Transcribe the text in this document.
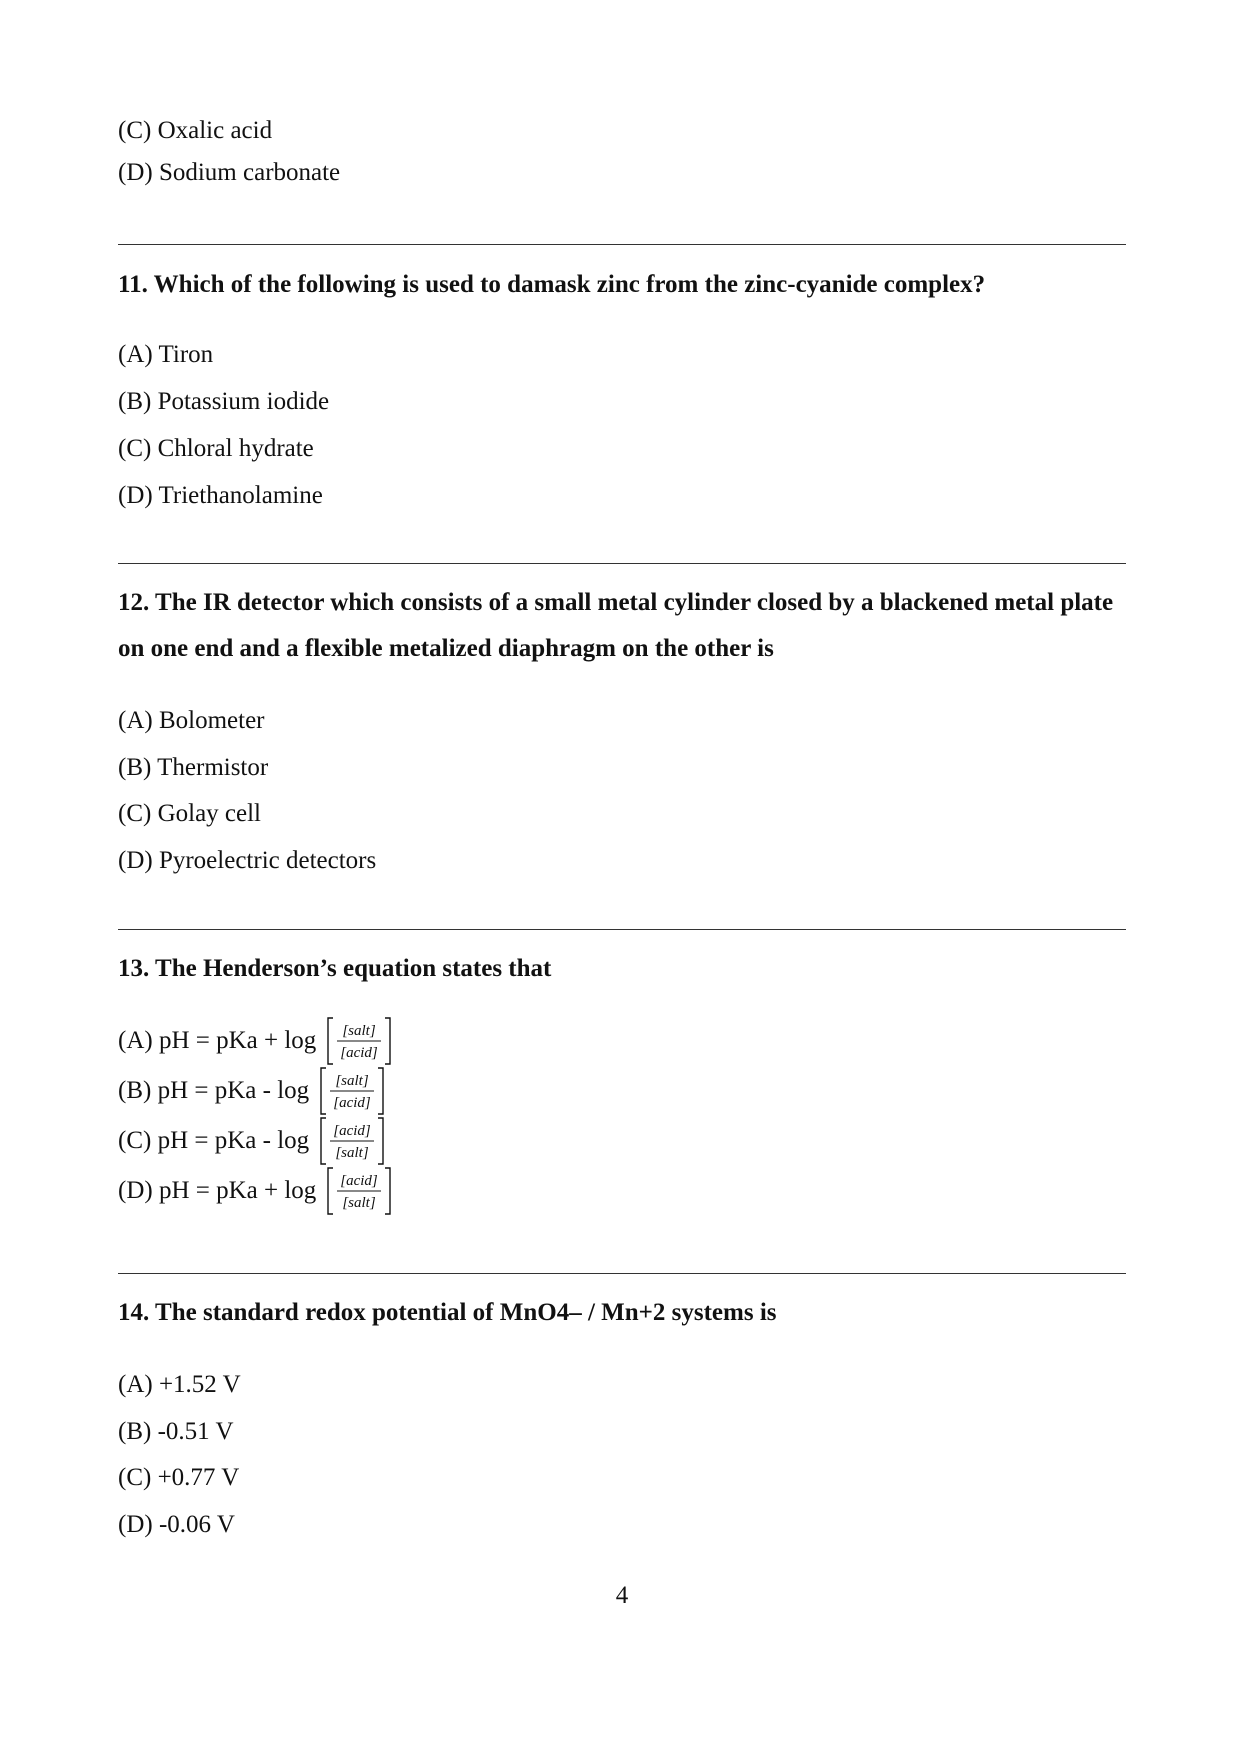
(C) Oxalic acid
(D) Sodium carbonate
11. Which of the following is used to damask zinc from the zinc-cyanide complex?
(A) Tiron
(B) Potassium iodide
(C) Chloral hydrate
(D) Triethanolamine
12. The IR detector which consists of a small metal cylinder closed by a blackened metal plate on one end and a flexible metalized diaphragm on the other is
(A) Bolometer
(B) Thermistor
(C) Golay cell
(D) Pyroelectric detectors
13. The Henderson’s equation states that
(A) pH = pKa + log [salt]
[acid]
(B) pH = pKa - log [salt]
[acid]
(C) pH = pKa - log [acid]
[salt]
(D) pH = pKa + log [acid]
[salt]
14. The standard redox potential of MnO4– / Mn+2 systems is
(A) +1.52 V
(B) -0.51 V
(C) +0.77 V
(D) -0.06 V
4
